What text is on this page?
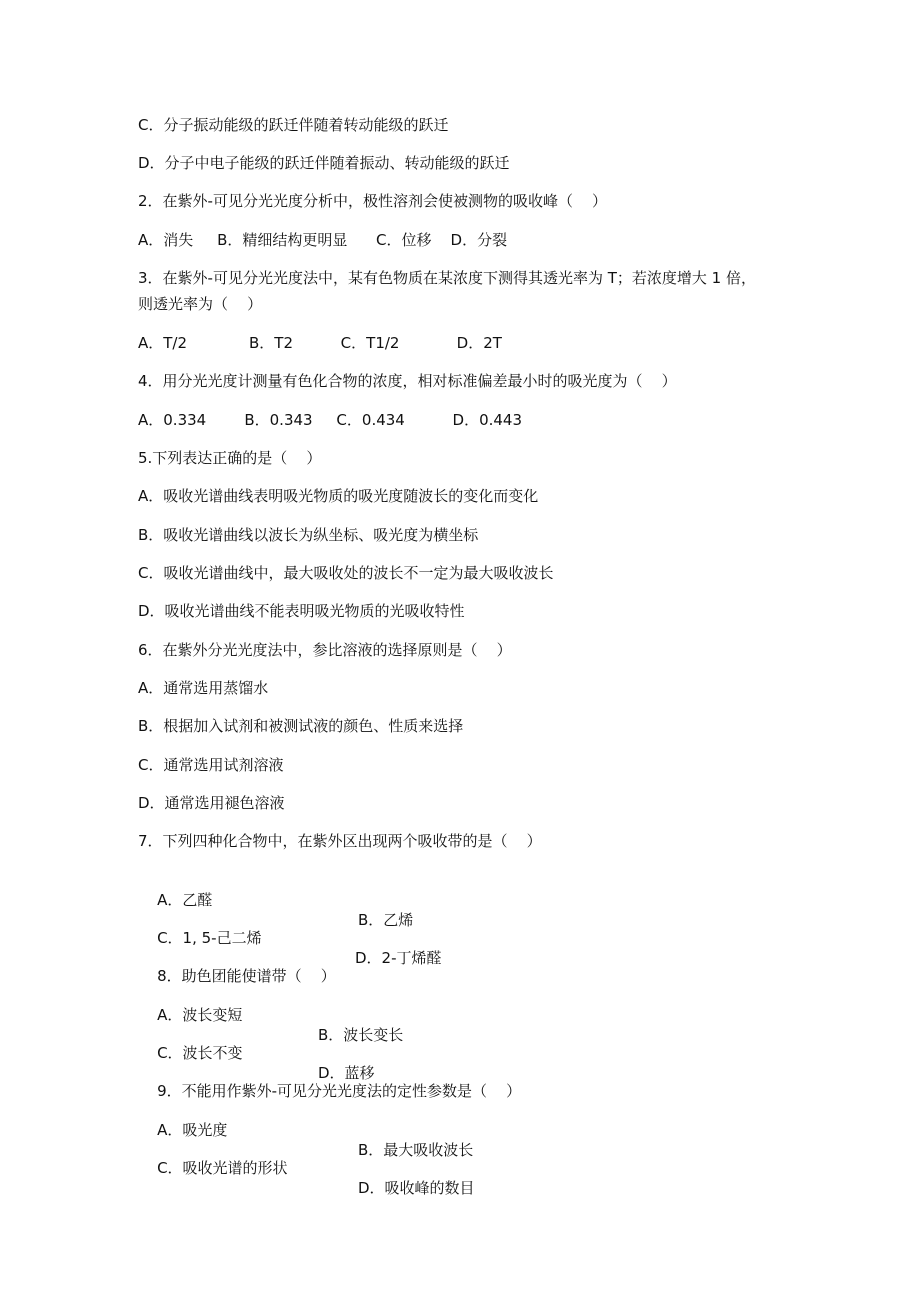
C．分子振动能级的跃迁伴随着转动能级的跃迁
D．分子中电子能级的跃迁伴随着振动、转动能级的跃迁
2．在紫外-可见分光光度分析中，极性溶剂会使被测物的吸收峰（    ）
A．消失     B．精细结构更明显      C．位移    D．分裂
3．在紫外-可见分光光度法中，某有色物质在某浓度下测得其透光率为 T；若浓度增大 1 倍，
则透光率为（    ）
A．T/2             B．T2          C．T1/2            D．2T
4．用分光光度计测量有色化合物的浓度，相对标准偏差最小时的吸光度为（    ）
A．0.334        B．0.343     C．0.434          D．0.443
5.下列表达正确的是（    ）
A．吸收光谱曲线表明吸光物质的吸光度随波长的变化而变化
B．吸收光谱曲线以波长为纵坐标、吸光度为横坐标
C．吸收光谱曲线中，最大吸收处的波长不一定为最大吸收波长
D．吸收光谱曲线不能表明吸光物质的光吸收特性
6．在紫外分光光度法中，参比溶液的选择原则是（    ）
A．通常选用蒸馏水
B．根据加入试剂和被测试液的颜色、性质来选择
C．通常选用试剂溶液
D．通常选用褪色溶液
7．下列四种化合物中，在紫外区出现两个吸收带的是（    ）

A．乙醛

B．乙烯

C．1, 5-己二烯

D．2-丁烯醛

8．助色团能使谱带（    ）

A．波长变短

B．波长变长

C．波长不变

D．蓝移

9．不能用作紫外-可见分光光度法的定性参数是（    ）

A．吸光度

B．最大吸收波长

C．吸收光谱的形状

D．吸收峰的数目
